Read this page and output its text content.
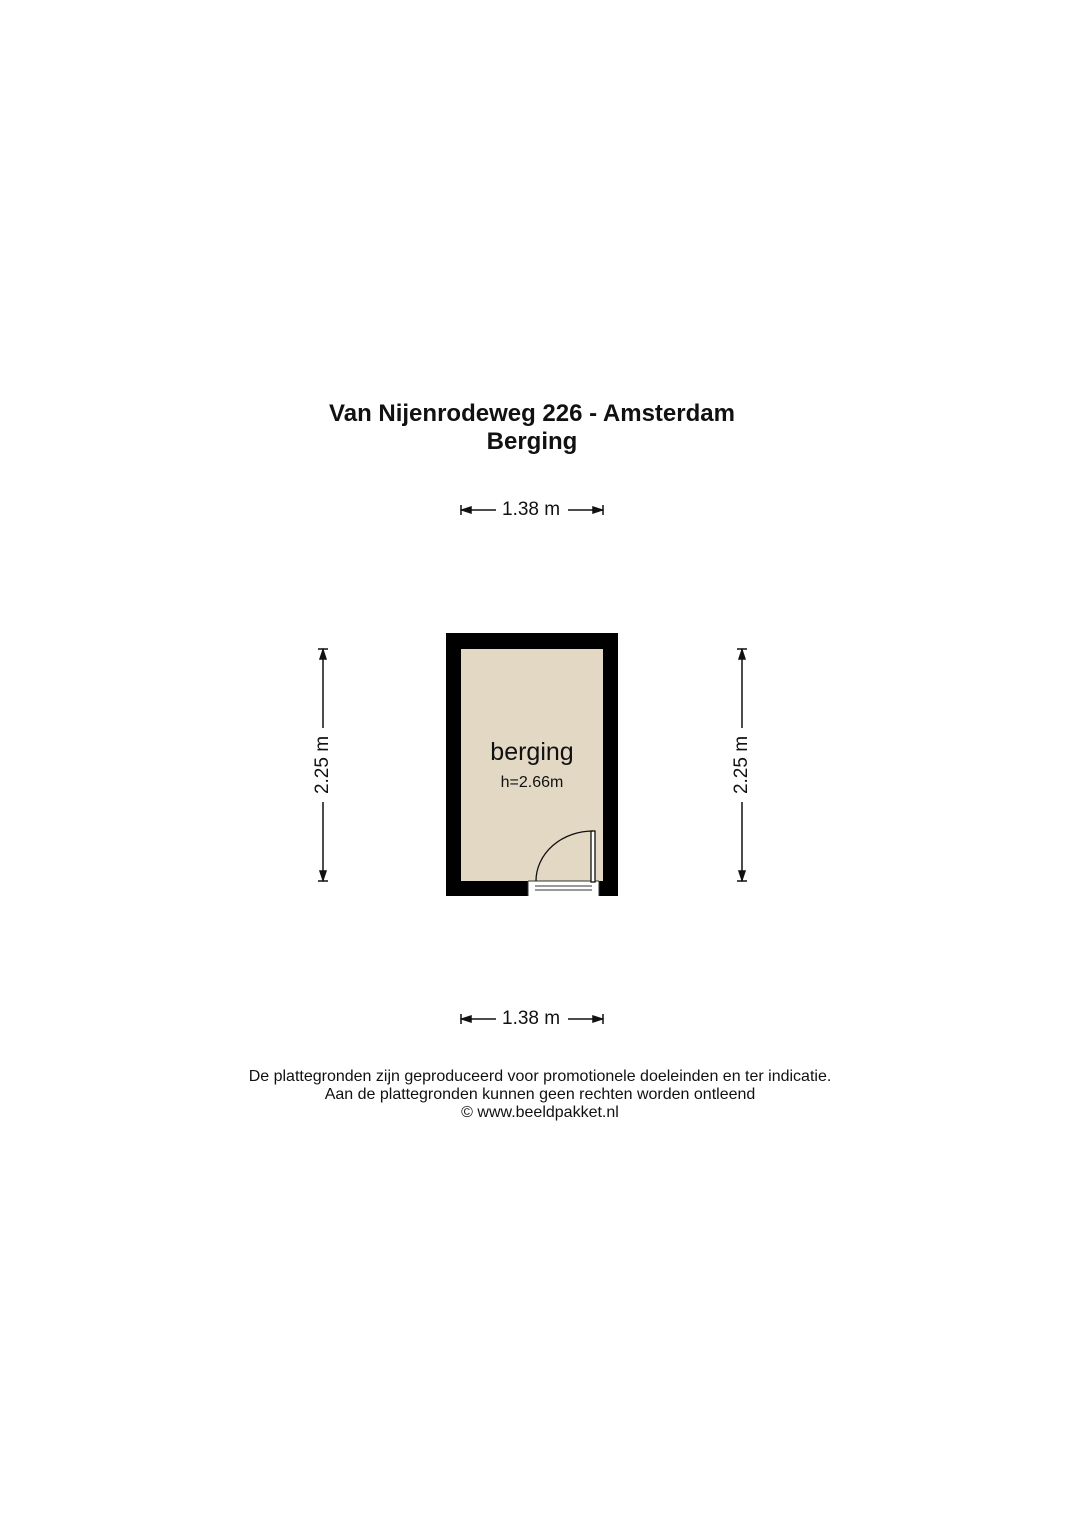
Van Nijenrodeweg 226 - Amsterdam
Berging
1.38 m
1.38 m
2.25 m	2.25 m
berging
h=2.66m
De plattegronden zijn geproduceerd voor promotionele doeleinden en ter indicatie.
Aan de plattegronden kunnen geen rechten worden ontleend
© www.beeldpakket.nl
